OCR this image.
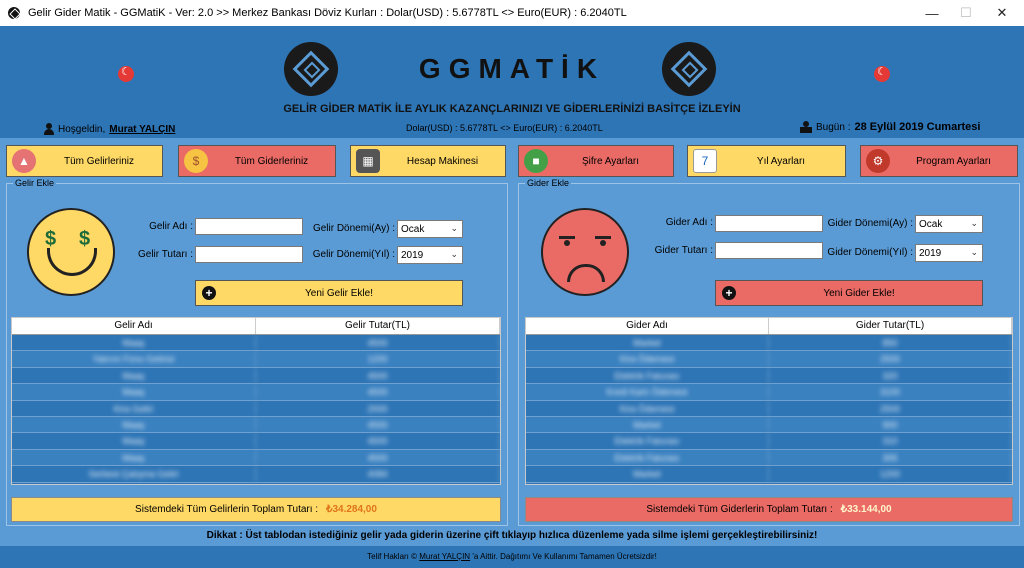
Gelir Gider Matik - GGMatiK - Ver: 2.0 >> Merkez Bankası Döviz Kurları : Dolar(USD) : 5.6778TL <> Euro(EUR) : 6.2040TL	—	☐	✕
☾
☾
GGMATİK
GELİR GİDER MATİK İLE AYLIK KAZANÇLARINIZI VE GİDERLERİNİZİ BASİTÇE İZLEYİN
Hoşgeldin, Murat YALÇIN	Dolar(USD) : 5.6778TL <> Euro(EUR) : 6.2040TL	Bugün : 28 Eylül 2019 Cumartesi
▲	Tüm Gelirleriniz	$	Tüm Giderleriniz	▦	Hesap Makinesi	■	Şifre Ayarları	7	Yıl Ayarları	⚙	Program Ayarları
Gelir Ekle
$ $
Gelir Adı :
Gelir Tutarı :
Gelir Dönemi(Ay) : Ocak	⌄
Gelir Dönemi(Yıl) : 2019	⌄
+	Yeni Gelir Ekle!
Gelir Adı	Gelir Tutar(TL)
Maaş	4500
Yatırım Fonu Getirisi	1200
Maaş	4500
Maaş	4500
Kira Geliri	2000
Maaş	4500
Maaş	4500
Maaş	4500
Serbest Çalışma Geliri	4084
Sistemdeki Tüm Gelirlerin Toplam Tutarı : ₺34.284,00
Gider Ekle
Gider Adı :
Gider Tutarı :
Gider Dönemi(Ay) : Ocak	⌄
Gider Dönemi(Yıl) : 2019	⌄
+	Yeni Gider Ekle!
Gider Adı	Gider Tutar(TL)
Market	850
Kira Ödemesi	2500
Elektrik Faturası	320
Kredi Kartı Ödemesi	3100
Kira Ödemesi	2500
Market	900
Elektrik Faturası	310
Elektrik Faturası	305
Market	1200
Sistemdeki Tüm Giderlerin Toplam Tutarı : ₺33.144,00
Dikkat : Üst tablodan istediğiniz gelir yada giderin üzerine çift tıklayıp hızlıca düzenleme yada silme işlemi gerçekleştirebilirsiniz!
Telif Hakları © Murat YALÇIN 'a Aittir. Dağıtımı Ve Kullanımı Tamamen Ücretsizdir!
